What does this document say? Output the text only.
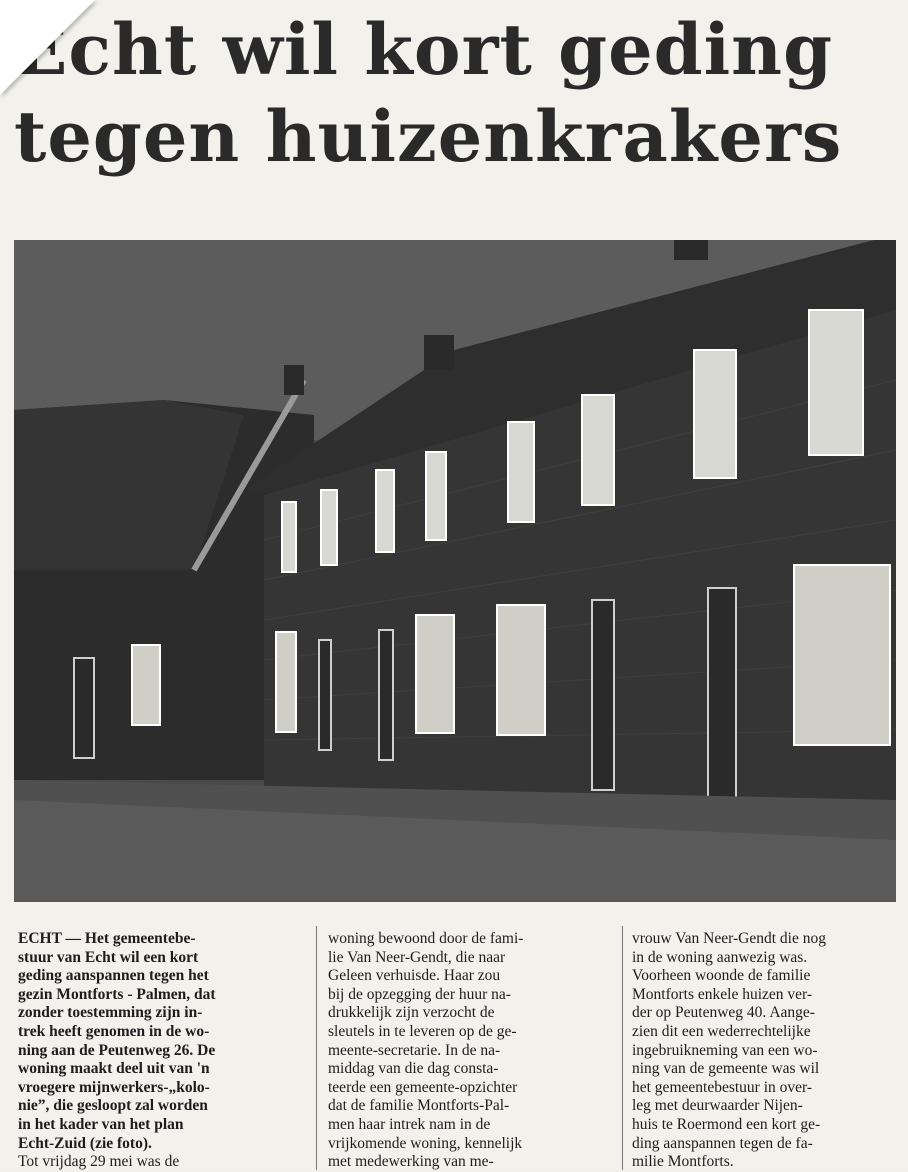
Echt wil kort geding
tegen huizenkrakers
ECHT — Het gemeentebe-
stuur van Echt wil een kort
geding aanspannen tegen het
gezin Montforts - Palmen, dat
zonder toestemming zijn in-
trek heeft genomen in de wo-
ning aan de Peutenweg 26. De
woning maakt deel uit van 'n
vroegere mijnwerkers-„kolo-
nie”, die gesloopt zal worden
in het kader van het plan
Echt-Zuid (zie foto).
Tot vrijdag 29 mei was de
woning bewoond door de fami-
lie Van Neer-Gendt, die naar
Geleen verhuisde. Haar zou
bij de opzegging der huur na-
drukkelijk zijn verzocht de
sleutels in te leveren op de ge-
meente-secretarie. In de na-
middag van die dag consta-
teerde een gemeente-opzichter
dat de familie Montforts-Pal-
men haar intrek nam in de
vrijkomende woning, kennelijk
met medewerking van me-
vrouw Van Neer-Gendt die nog
in de woning aanwezig was.
Voorheen woonde de familie
Montforts enkele huizen ver-
der op Peutenweg 40. Aange-
zien dit een wederrechtelijke
ingebruikneming van een wo-
ning van de gemeente was wil
het gemeentebestuur in over-
leg met deurwaarder Nijen-
huis te Roermond een kort ge-
ding aanspannen tegen de fa-
milie Montforts.
